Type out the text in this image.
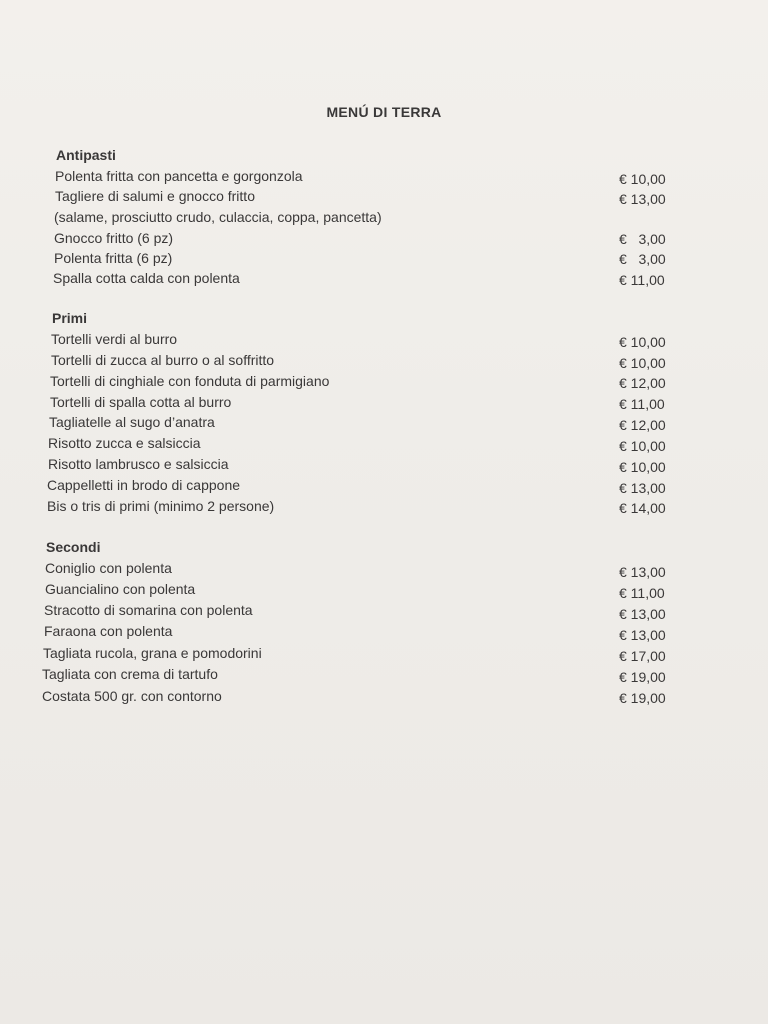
MENÚ DI TERRA
Antipasti
Polenta fritta con pancetta e gorgonzola	€ 10,00
Tagliere di salumi e gnocco fritto	€ 13,00
(salame, prosciutto crudo, culaccia, coppa, pancetta)
Gnocco fritto (6 pz)	€   3,00
Polenta fritta (6 pz)	€   3,00
Spalla cotta calda con polenta	€ 11,00
Primi
Tortelli verdi al burro	€ 10,00
Tortelli di zucca al burro o al soffritto	€ 10,00
Tortelli di cinghiale con fonduta di parmigiano	€ 12,00
Tortelli di spalla cotta al burro	€ 11,00
Tagliatelle al sugo d’anatra	€ 12,00
Risotto zucca e salsiccia	€ 10,00
Risotto lambrusco e salsiccia	€ 10,00
Cappelletti in brodo di cappone	€ 13,00
Bis o tris di primi (minimo 2 persone)	€ 14,00
Secondi
Coniglio con polenta	€ 13,00
Guancialino con polenta	€ 11,00
Stracotto di somarina con polenta	€ 13,00
Faraona con polenta	€ 13,00
Tagliata rucola, grana e pomodorini	€ 17,00
Tagliata con crema di tartufo	€ 19,00
Costata 500 gr. con contorno	€ 19,00
